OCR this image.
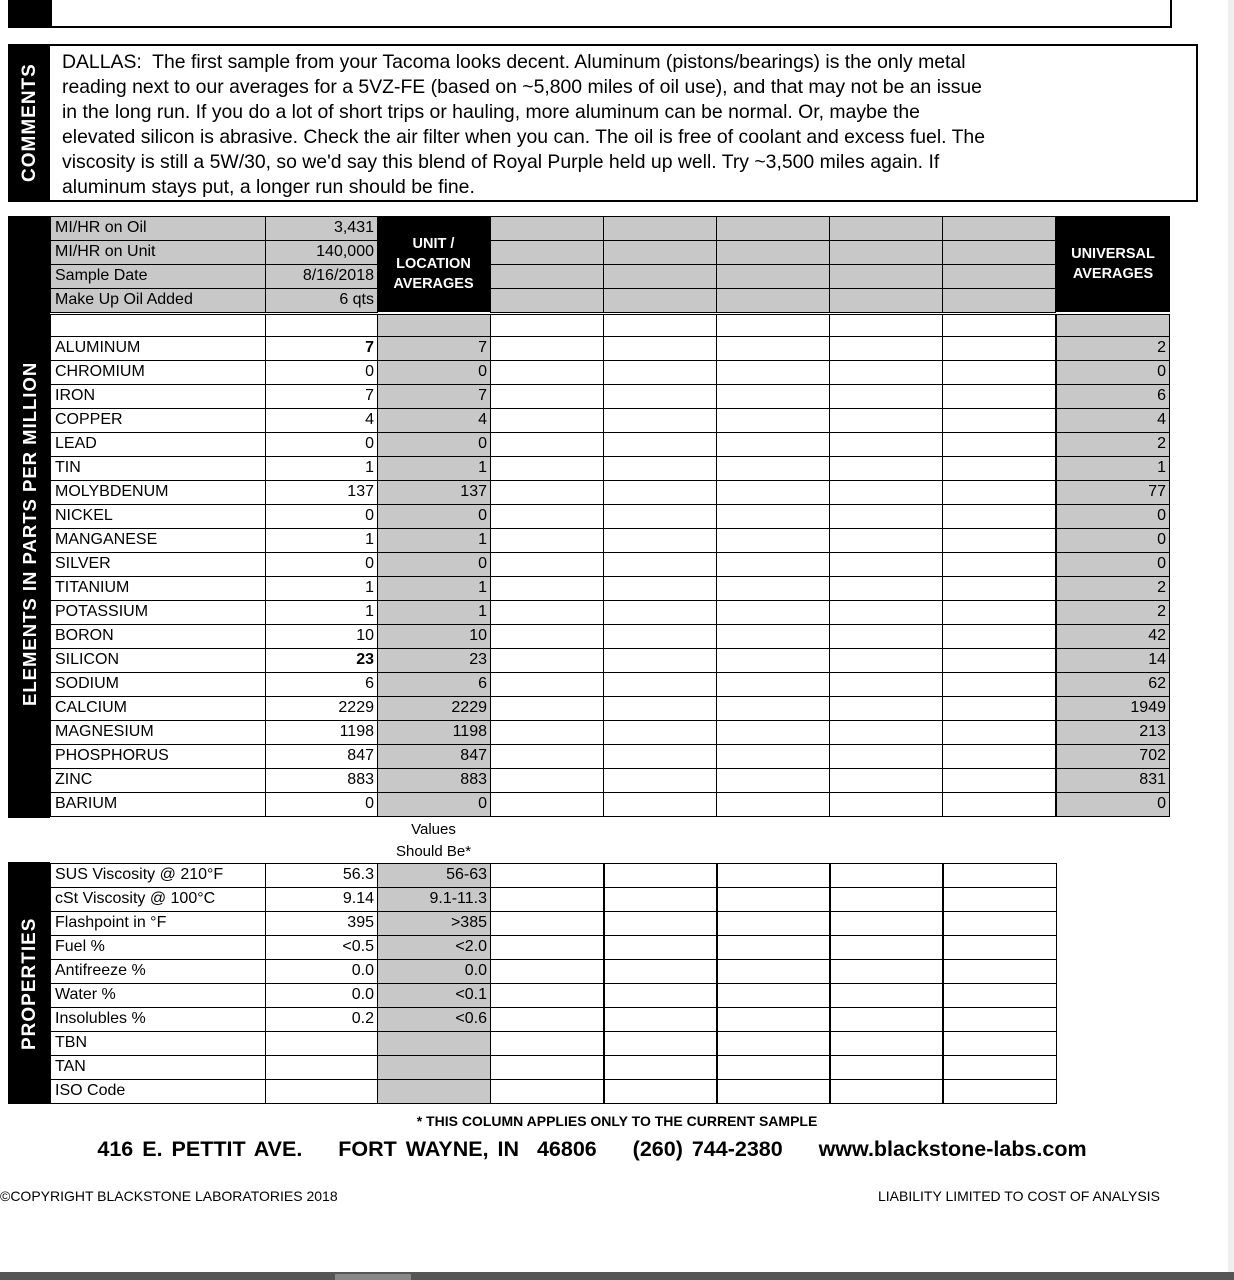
COMMENTS
DALLAS:  The first sample from your Tacoma looks decent. Aluminum (pistons/bearings) is the only metal
reading next to our averages for a 5VZ-FE (based on ~5,800 miles of oil use), and that may not be an issue
in the long run. If you do a lot of short trips or hauling, more aluminum can be normal. Or, maybe the
elevated silicon is abrasive. Check the air filter when you can. The oil is free of coolant and excess fuel. The
viscosity is still a 5W/30, so we'd say this blend of Royal Purple held up well. Try ~3,500 miles again. If
aluminum stays put, a longer run should be fine.
ELEMENTS IN PARTS PER MILLION
MI/HR on Oil	3,431
MI/HR on Unit	140,000
Sample Date	8/16/2018
Make Up Oil Added	6 qts
UNIT / LOCATION AVERAGES
UNIVERSAL AVERAGES
ALUMINUM	7	7	2
CHROMIUM	0	0	0
IRON	7	7	6
COPPER	4	4	4
LEAD	0	0	2
TIN	1	1	1
MOLYBDENUM	137	137	77
NICKEL	0	0	0
MANGANESE	1	1	0
SILVER	0	0	0
TITANIUM	1	1	2
POTASSIUM	1	1	2
BORON	10	10	42
SILICON	23	23	14
SODIUM	6	6	62
CALCIUM	2229	2229	1949
MAGNESIUM	1198	1198	213
PHOSPHORUS	847	847	702
ZINC	883	883	831
BARIUM	0	0	0
PROPERTIES
SUS Viscosity @ 210°F	56.3	56-63
cSt Viscosity @ 100°C	9.14	9.1-11.3
Flashpoint in °F	395	>385
Fuel %	<0.5	<2.0
Antifreeze %	0.0	0.0
Water %	0.0	<0.1
Insolubles %	0.2	<0.6
TBN
TAN
ISO Code
* THIS COLUMN APPLIES ONLY TO THE CURRENT SAMPLE
416 E. PETTIT AVE.    FORT WAYNE, IN  46806    (260) 744-2380    www.blackstone-labs.com
©COPYRIGHT BLACKSTONE LABORATORIES 2018	LIABILITY LIMITED TO COST OF ANALYSIS
Values
Should Be*
